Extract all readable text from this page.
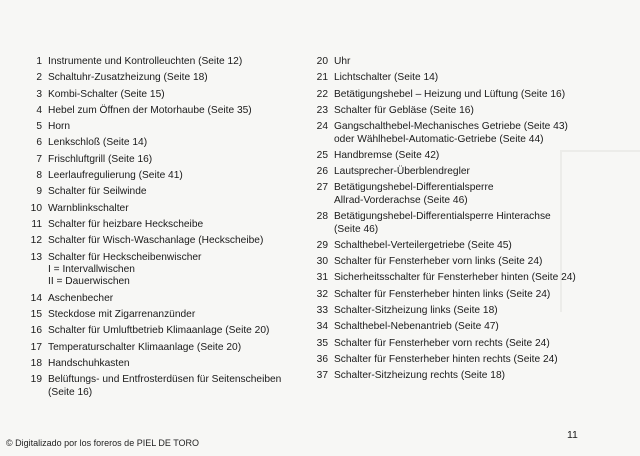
1 Instrumente und Kontrolleuchten (Seite 12)
2 Schaltuhr-Zusatzheizung (Seite 18)
3 Kombi-Schalter (Seite 15)
4 Hebel zum Öffnen der Motorhaube (Seite 35)
5 Horn
6 Lenkschloß (Seite 14)
7 Frischluftgrill (Seite 16)
8 Leerlaufregulierung (Seite 41)
9 Schalter für Seilwinde
10 Warnblinkschalter
11 Schalter für heizbare Heckscheibe
12 Schalter für Wisch-Waschanlage (Heckscheibe)
13 Schalter für Heckscheibenwischer
I = Intervallwischen
II = Dauerwischen
14 Aschenbecher
15 Steckdose mit Zigarrenanzünder
16 Schalter für Umluftbetrieb Klimaanlage (Seite 20)
17 Temperaturschalter Klimaanlage (Seite 20)
18 Handschuhkasten
19 Belüftungs- und Entfrosterdüsen für Seitenscheiben
(Seite 16)
20 Uhr
21 Lichtschalter (Seite 14)
22 Betätigungshebel – Heizung und Lüftung (Seite 16)
23 Schalter für Gebläse (Seite 16)
24 Gangschalthebel-Mechanisches Getriebe (Seite 43)
oder Wählhebel-Automatic-Getriebe (Seite 44)
25 Handbremse (Seite 42)
26 Lautsprecher-Überblendregler
27 Betätigungshebel-Differentialsperre
Allrad-Vorderachse (Seite 46)
28 Betätigungshebel-Differentialsperre Hinterachse
(Seite 46)
29 Schalthebel-Verteilergetriebe (Seite 45)
30 Schalter für Fensterheber vorn links (Seite 24)
31 Sicherheitsschalter für Fensterheber hinten (Seite 24)
32 Schalter für Fensterheber hinten links (Seite 24)
33 Schalter-Sitzheizung links (Seite 18)
34 Schalthebel-Nebenantrieb (Seite 47)
35 Schalter für Fensterheber vorn rechts (Seite 24)
36 Schalter für Fensterheber hinten rechts (Seite 24)
37 Schalter-Sitzheizung rechts (Seite 18)
11
© Digitalizado por los foreros de PIEL DE TORO
